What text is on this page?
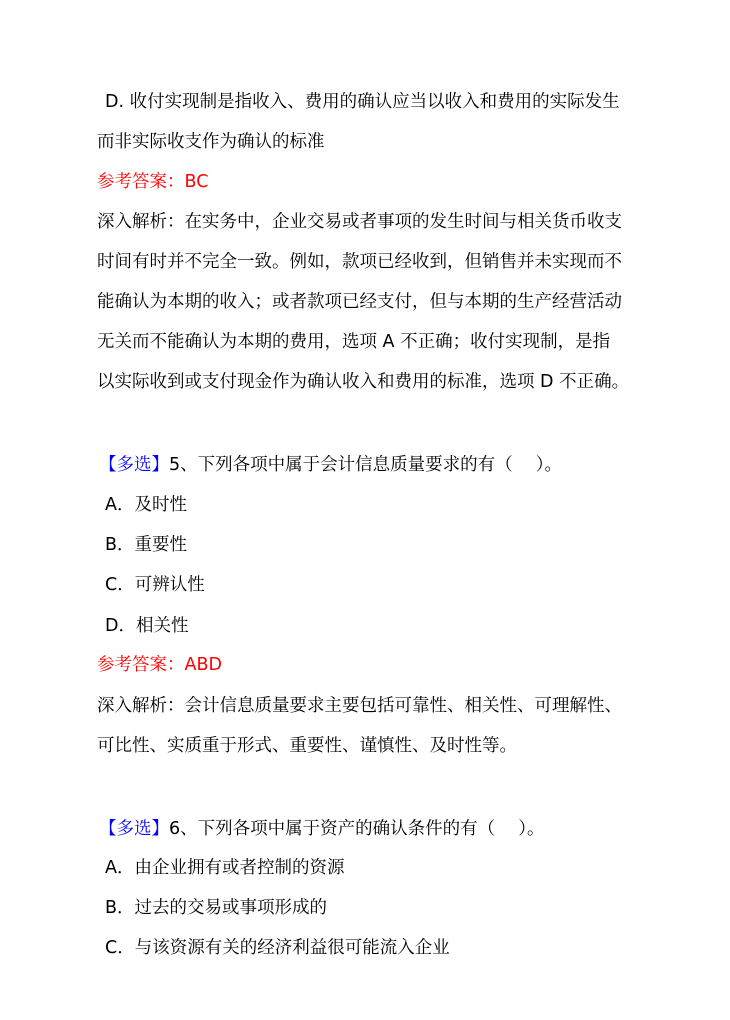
D. 收付实现制是指收入、费用的确认应当以收入和费用的实际发生
而非实际收支作为确认的标准
参考答案：BC
深入解析：在实务中，企业交易或者事项的发生时间与相关货币收支
时间有时并不完全一致。例如，款项已经收到，但销售并未实现而不
能确认为本期的收入；或者款项已经支付，但与本期的生产经营活动
无关而不能确认为本期的费用，选项 A 不正确；收付实现制，是指
以实际收到或支付现金作为确认收入和费用的标准，选项 D 不正确。
【多选】5、下列各项中属于会计信息质量要求的有（　 ）。
A．及时性
B．重要性
C．可辨认性
D．相关性
参考答案：ABD
深入解析：会计信息质量要求主要包括可靠性、相关性、可理解性、
可比性、实质重于形式、重要性、谨慎性、及时性等。
【多选】6、下列各项中属于资产的确认条件的有（　 ）。
A．由企业拥有或者控制的资源
B．过去的交易或事项形成的
C．与该资源有关的经济利益很可能流入企业
